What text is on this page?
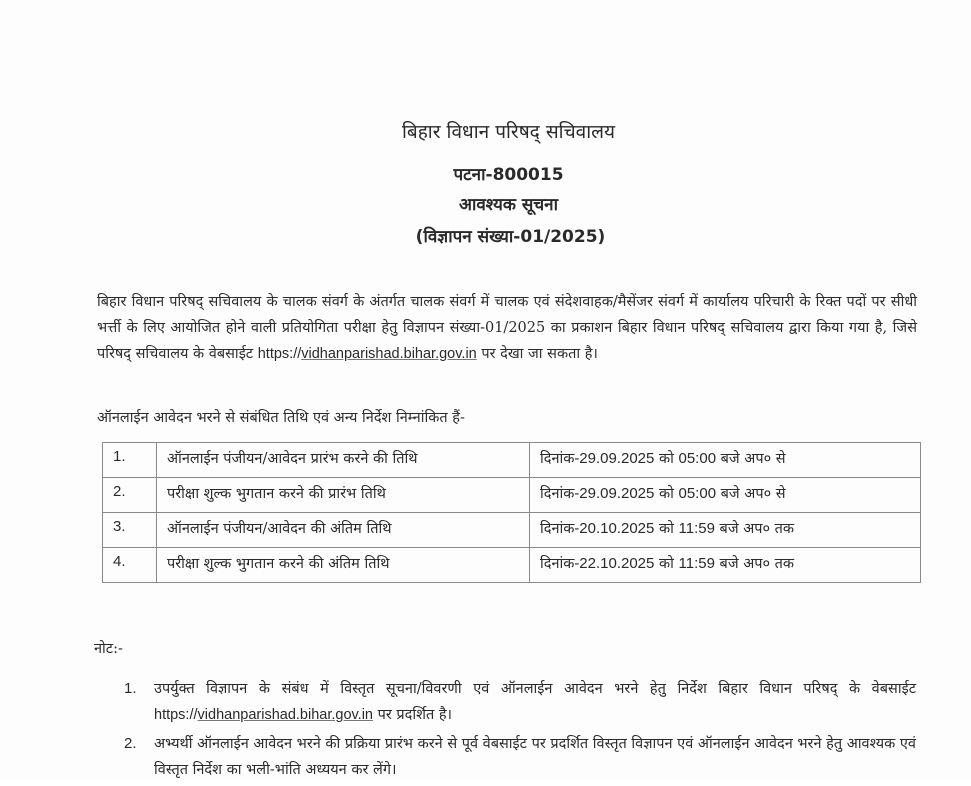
बिहार विधान परिषद् सचिवालय
पटना-800015
आवश्यक सूचना
(विज्ञापन संख्या-01/2025)
बिहार विधान परिषद् सचिवालय के चालक संवर्ग के अंतर्गत चालक संवर्ग में चालक एवं संदेशवाहक/मैसेंजर संवर्ग में कार्यालय परिचारी के रिक्त पदों पर सीधी भर्त्ती के लिए आयोजित होने वाली प्रतियोगिता परीक्षा हेतु विज्ञापन संख्या-01/2025 का प्रकाशन बिहार विधान परिषद् सचिवालय द्वारा किया गया है, जिसे परिषद् सचिवालय के वेबसाईट https://vidhanparishad.bihar.gov.in पर देखा जा सकता है।
ऑनलाईन आवेदन भरने से संबंधित तिथि एवं अन्य निर्देश निम्नांकित हैं-
1.	ऑनलाईन पंजीयन/आवेदन प्रारंभ करने की तिथि	दिनांक-29.09.2025 को 05:00 बजे अप० से
2.	परीक्षा शुल्क भुगतान करने की प्रारंभ तिथि	दिनांक-29.09.2025 को 05:00 बजे अप० से
3.	ऑनलाईन पंजीयन/आवेदन की अंतिम तिथि	दिनांक-20.10.2025 को 11:59 बजे अप० तक
4.	परीक्षा शुल्क भुगतान करने की अंतिम तिथि	दिनांक-22.10.2025 को 11:59 बजे अप० तक
नोट:-
1. उपर्युक्त विज्ञापन के संबंध में विस्तृत सूचना/विवरणी एवं ऑनलाईन आवेदन भरने हेतु निर्देश बिहार विधान परिषद् के वेबसाईट https://vidhanparishad.bihar.gov.in पर प्रदर्शित है।
2. अभ्यर्थी ऑनलाईन आवेदन भरने की प्रक्रिया प्रारंभ करने से पूर्व वेबसाईट पर प्रदर्शित विस्तृत विज्ञापन एवं ऑनलाईन आवेदन भरने हेतु आवश्यक एवं विस्तृत निर्देश का भली-भांति अध्ययन कर लेंगे।
